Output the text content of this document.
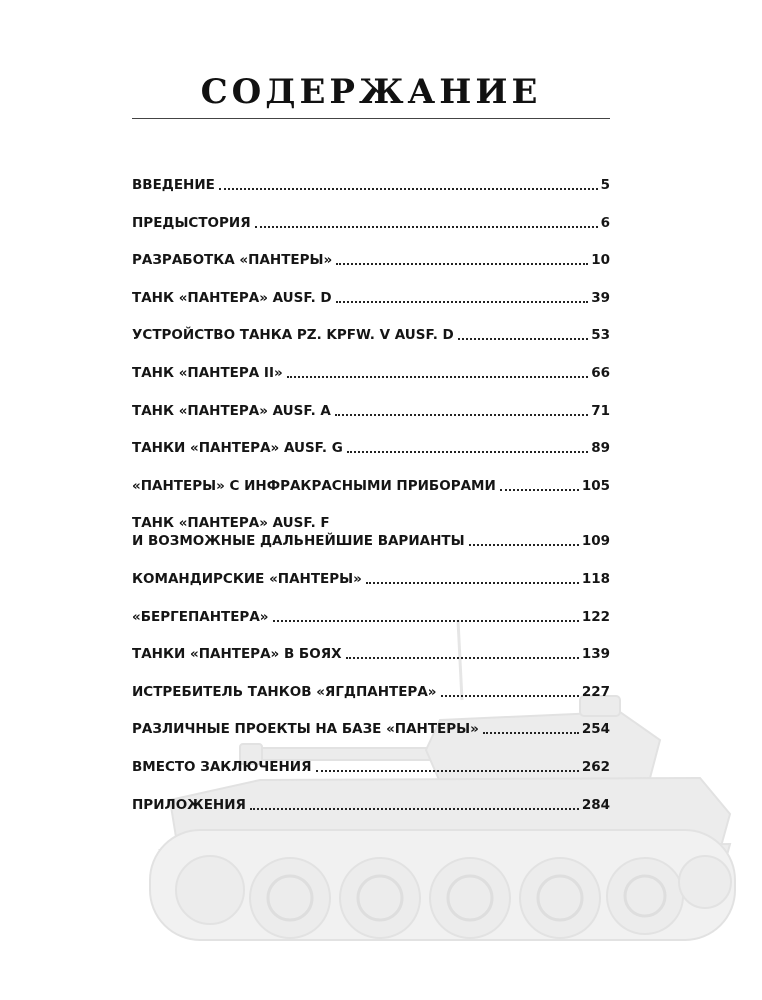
СОДЕРЖАНИЕ
ВВЕДЕНИЕ	5
ПРЕДЫСТОРИЯ	6
РАЗРАБОТКА «ПАНТЕРЫ»	10
ТАНК «ПАНТЕРА» AUSF. D	39
УСТРОЙСТВО ТАНКА PZ. KPFW. V AUSF. D	53
ТАНК «ПАНТЕРА II»	66
ТАНК «ПАНТЕРА» AUSF. A	71
ТАНКИ «ПАНТЕРА» AUSF. G	89
«ПАНТЕРЫ» С ИНФРАКРАСНЫМИ ПРИБОРАМИ	105
ТАНК «ПАНТЕРА» AUSF. F
И ВОЗМОЖНЫЕ ДАЛЬНЕЙШИЕ ВАРИАНТЫ	109
КОМАНДИРСКИЕ «ПАНТЕРЫ»	118
«БЕРГЕПАНТЕРА»	122
ТАНКИ «ПАНТЕРА» В БОЯХ	139
ИСТРЕБИТЕЛЬ ТАНКОВ «ЯГДПАНТЕРА»	227
РАЗЛИЧНЫЕ ПРОЕКТЫ НА БАЗЕ «ПАНТЕРЫ»	254
ВМЕСТО ЗАКЛЮЧЕНИЯ	262
ПРИЛОЖЕНИЯ	284
